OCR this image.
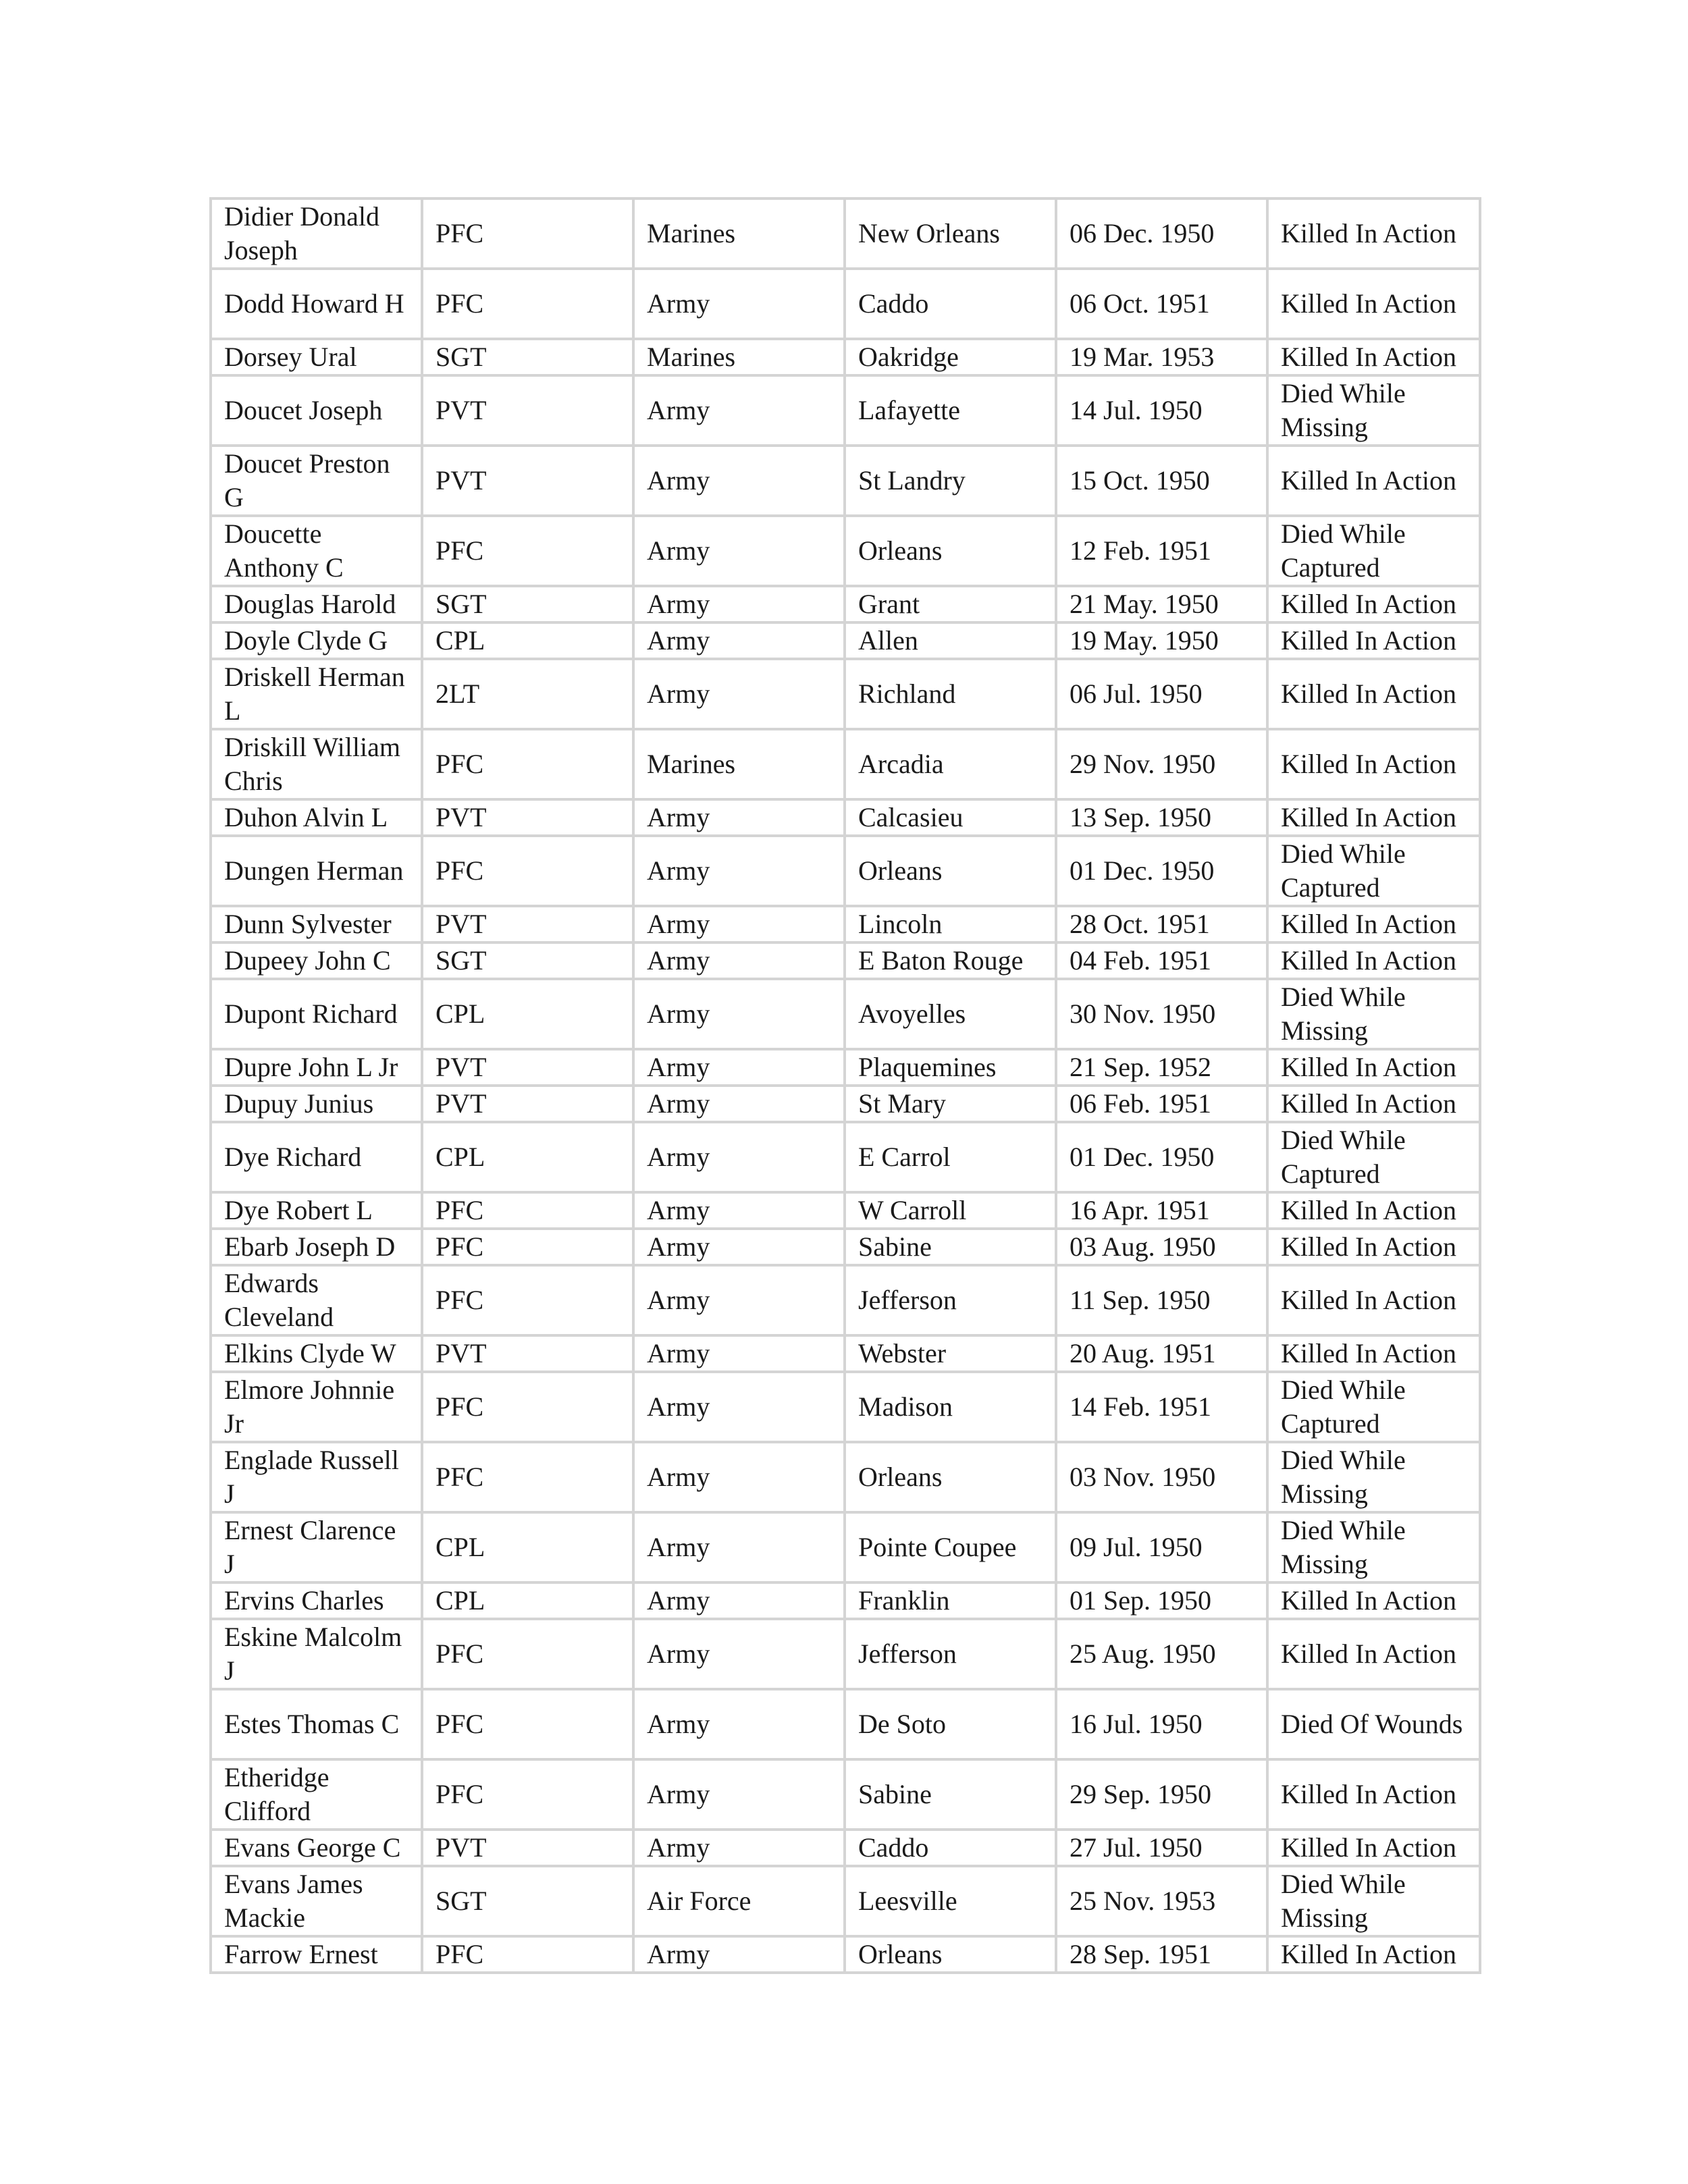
Didier Donald Joseph	PFC	Marines	New Orleans	06 Dec. 1950	Killed In Action

Dodd Howard H	PFC	Army	Caddo	06 Oct. 1951	Killed In Action

Dorsey Ural	SGT	Marines	Oakridge	19 Mar. 1953	Killed In Action

Doucet Joseph	PVT	Army	Lafayette	14 Jul. 1950	Died While Missing

Doucet Preston G	PVT	Army	St Landry	15 Oct. 1950	Killed In Action

Doucette Anthony C	PFC	Army	Orleans	12 Feb. 1951	Died While Captured

Douglas Harold	SGT	Army	Grant	21 May. 1950	Killed In Action

Doyle Clyde G	CPL	Army	Allen	19 May. 1950	Killed In Action

Driskell Herman L	2LT	Army	Richland	06 Jul. 1950	Killed In Action

Driskill William Chris	PFC	Marines	Arcadia	29 Nov. 1950	Killed In Action

Duhon Alvin L	PVT	Army	Calcasieu	13 Sep. 1950	Killed In Action

Dungen Herman	PFC	Army	Orleans	01 Dec. 1950	Died While Captured

Dunn Sylvester	PVT	Army	Lincoln	28 Oct. 1951	Killed In Action

Dupeey John C	SGT	Army	E Baton Rouge	04 Feb. 1951	Killed In Action

Dupont Richard	CPL	Army	Avoyelles	30 Nov. 1950	Died While Missing

Dupre John L Jr	PVT	Army	Plaquemines	21 Sep. 1952	Killed In Action

Dupuy Junius	PVT	Army	St Mary	06 Feb. 1951	Killed In Action

Dye Richard	CPL	Army	E Carrol	01 Dec. 1950	Died While Captured

Dye Robert L	PFC	Army	W Carroll	16 Apr. 1951	Killed In Action

Ebarb Joseph D	PFC	Army	Sabine	03 Aug. 1950	Killed In Action

Edwards Cleveland	PFC	Army	Jefferson	11 Sep. 1950	Killed In Action

Elkins Clyde W	PVT	Army	Webster	20 Aug. 1951	Killed In Action

Elmore Johnnie Jr	PFC	Army	Madison	14 Feb. 1951	Died While Captured

Englade Russell J	PFC	Army	Orleans	03 Nov. 1950	Died While Missing

Ernest Clarence J	CPL	Army	Pointe Coupee	09 Jul. 1950	Died While Missing

Ervins Charles	CPL	Army	Franklin	01 Sep. 1950	Killed In Action

Eskine Malcolm J	PFC	Army	Jefferson	25 Aug. 1950	Killed In Action

Estes Thomas C	PFC	Army	De Soto	16 Jul. 1950	Died Of Wounds

Etheridge Clifford	PFC	Army	Sabine	29 Sep. 1950	Killed In Action

Evans George C	PVT	Army	Caddo	27 Jul. 1950	Killed In Action

Evans James Mackie	SGT	Air Force	Leesville	25 Nov. 1953	Died While Missing

Farrow Ernest	PFC	Army	Orleans	28 Sep. 1951	Killed In Action
